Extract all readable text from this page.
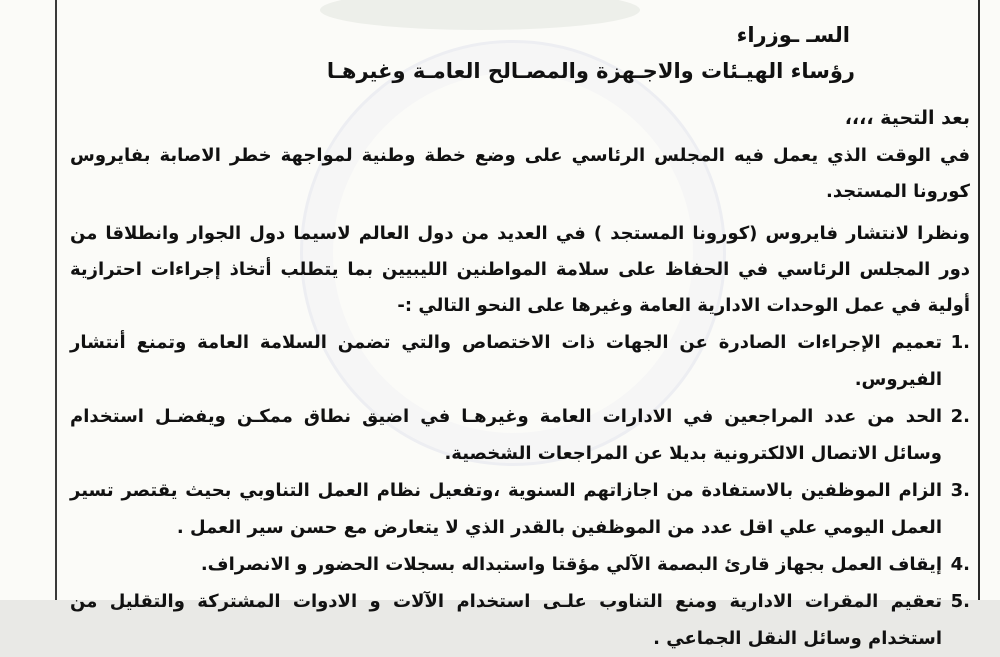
السـ ـوزراء
رؤساء الهيـئات والاجـهزة والمصـالح العامـة وغيرهـا
بعد التحية ،،،،
في الوقت الذي يعمل فيه المجلس الرئاسي على وضع خطة وطنية لمواجهة خطر الاصابة بفايروس كورونا المستجد.
ونظرا لانتشار فايروس (كورونا المستجد ) في العديد من دول العالم لاسيما دول الجوار وانطلاقا من دور المجلس الرئاسي في الحفاظ على سلامة المواطنين الليبيين بما يتطلب أتخاذ إجراءات احترازية أولية في عمل الوحدات الادارية العامة وغيرها على النحو التالي :-
.1
تعميم الإجراءات الصادرة عن الجهات ذات الاختصاص والتي تضمن السلامة العامة وتمنع أنتشار الفيروس.
.2
الحد من عدد المراجعين في الادارات العامة وغيرهـا في اضيق نطاق ممكـن ويفضـل استخدام وسائل الاتصال الالكترونية بديلا عن المراجعات الشخصية.
.3
الزام الموظفين بالاستفادة من اجازاتهم السنوية ،وتفعيل نظام العمل التناوبي بحيث يقتصر تسير العمل اليومي علي اقل عدد من الموظفين بالقدر الذي لا يتعارض مع حسن سير العمل .
.4
إيقاف العمل بجهاز قارئ البصمة الآلي مؤقتا واستبداله بسجلات الحضور و الانصراف.
.5
تعقيم المقرات الادارية ومنع التناوب علـى استخدام الآلات و الادوات المشتركة والتقليل من استخدام وسائل النقل الجماعي .
